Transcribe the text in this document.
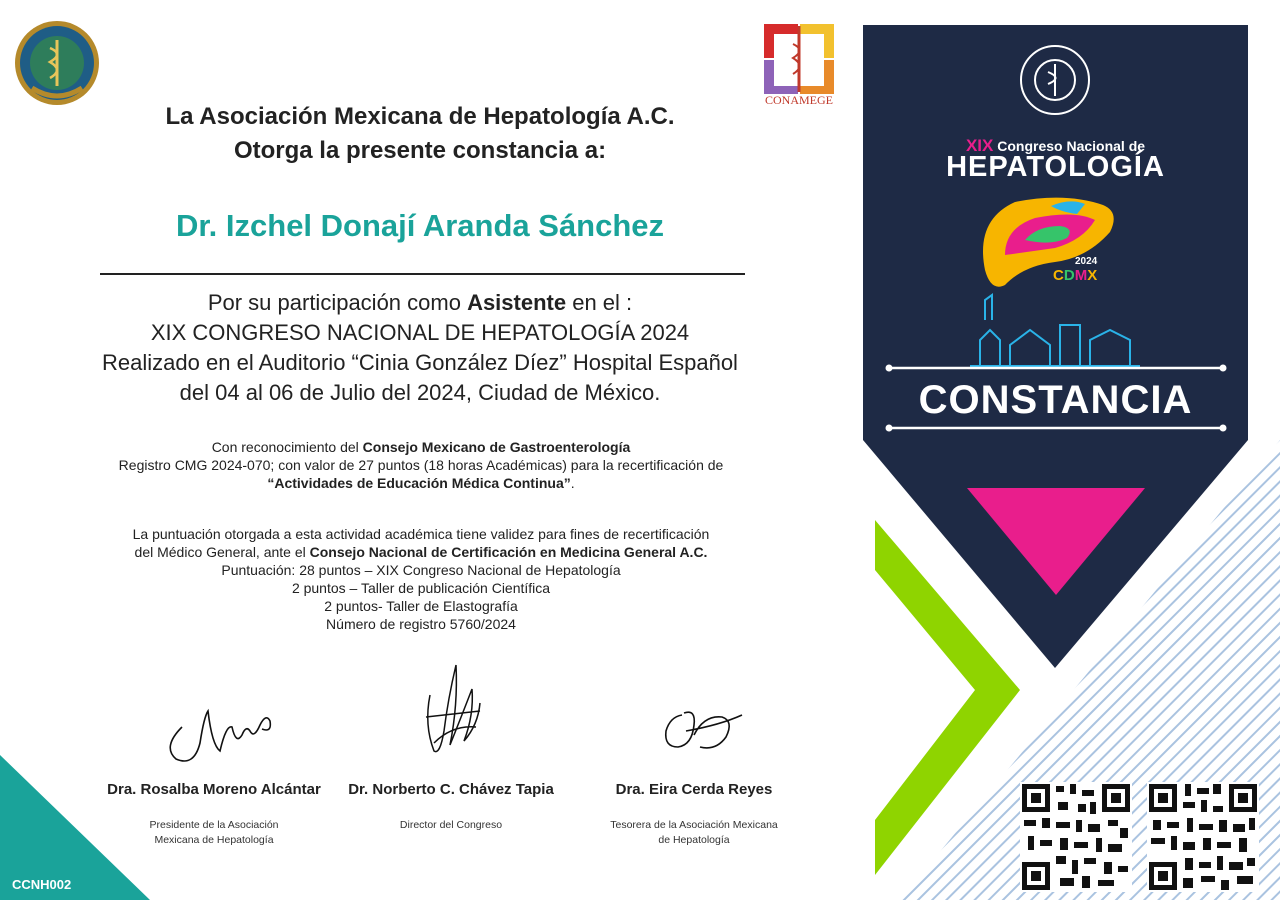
CONAMEGE
La Asociación Mexicana de Hepatología A.C.
Otorga la presente constancia a:
Dr. Izchel Donají Aranda Sánchez
Por su participación como Asistente en el :
XIX CONGRESO NACIONAL DE HEPATOLOGÍA 2024
Realizado en el Auditorio “Cinia González Díez” Hospital Español
del 04 al 06 de Julio del 2024, Ciudad de México.
Con reconocimiento del Consejo Mexicano de Gastroenterología
Registro CMG 2024-070; con valor de 27 puntos (18 horas Académicas) para la recertificación de
“Actividades de Educación Médica Continua”.
La puntuación otorgada a esta actividad académica tiene validez para fines de recertificación
del Médico General, ante el Consejo Nacional de Certificación en Medicina General A.C.
Puntuación: 28 puntos – XIX Congreso Nacional de Hepatología
2 puntos – Taller de publicación Científica
2 puntos- Taller de Elastografía
Número de registro 5760/2024
Dra. Rosalba Moreno Alcántar	Dr. Norberto C. Chávez Tapia	Dra. Eira Cerda Reyes
Presidente de la Asociación
Mexicana de Hepatología
Director del Congreso	Tesorera de la Asociación Mexicana
de Hepatología
CCNH002
XIX Congreso Nacional de
HEPATOLOGÍA
2024
CDMX
CONSTANCIA
